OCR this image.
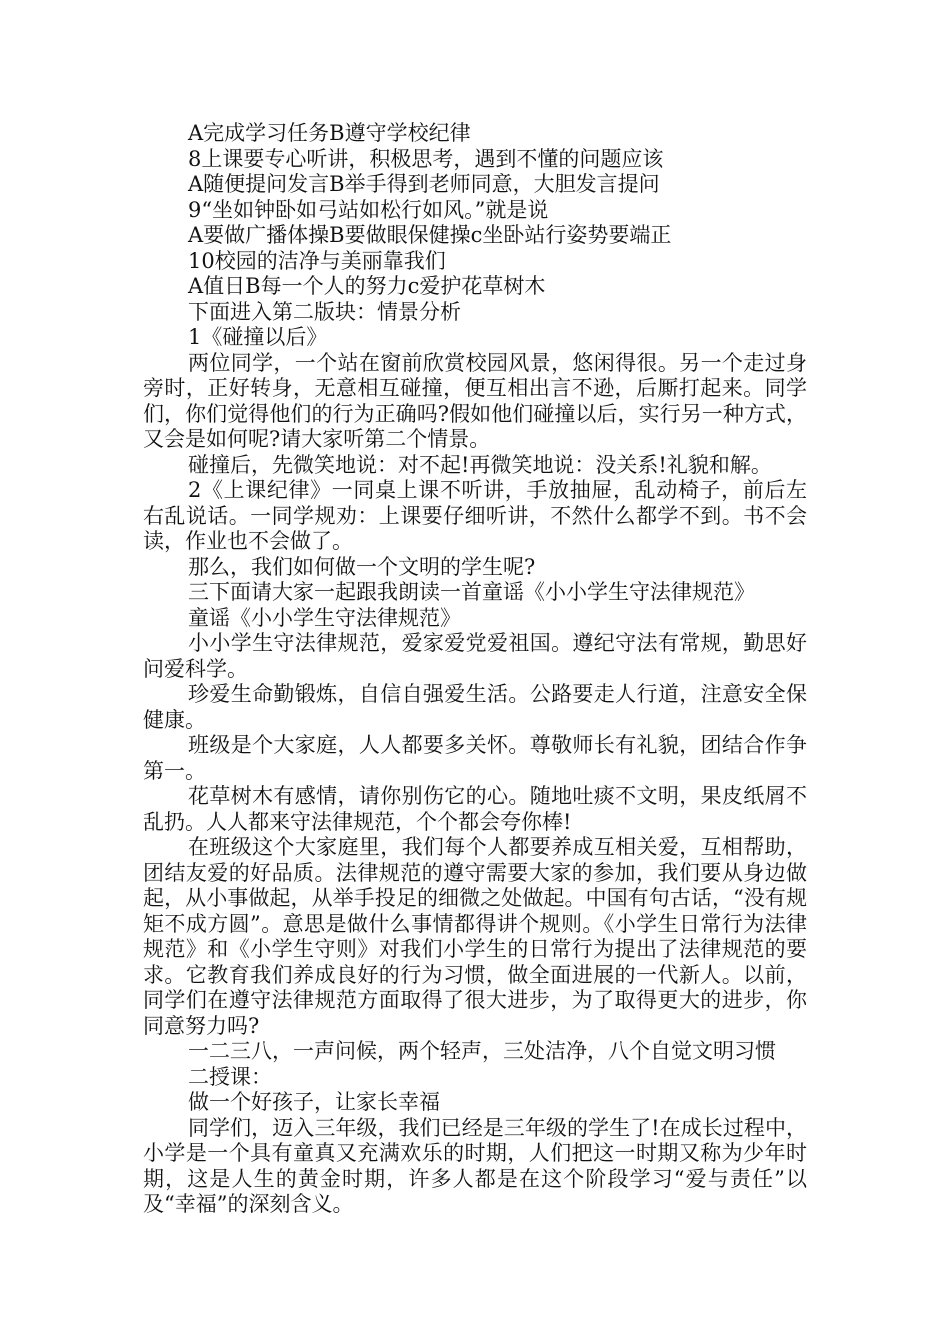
A完成学习任务B遵守学校纪律

8上课要专心听讲，积极思考，遇到不懂的问题应该

A随便提问发言B举手得到老师同意，大胆发言提问

9“坐如钟卧如弓站如松行如风。”就是说

A要做广播体操B要做眼保健操c坐卧站行姿势要端正

10校园的洁净与美丽靠我们

A值日B每一个人的努力c爱护花草树木

下面进入第二版块：情景分析

1《碰撞以后》

两位同学，一个站在窗前欣赏校园风景，悠闲得很。另一个走过身旁时，正好转身，无意相互碰撞，便互相出言不逊，后厮打起来。同学们，你们觉得他们的行为正确吗?假如他们碰撞以后，实行另一种方式，又会是如何呢?请大家听第二个情景。

碰撞后，先微笑地说：对不起!再微笑地说：没关系!礼貌和解。

2《上课纪律》一同桌上课不听讲，手放抽屉，乱动椅子，前后左右乱说话。一同学规劝：上课要仔细听讲，不然什么都学不到。书不会读，作业也不会做了。

那么，我们如何做一个文明的学生呢?

三下面请大家一起跟我朗读一首童谣《小小学生守法律规范》

童谣《小小学生守法律规范》

小小学生守法律规范，爱家爱党爱祖国。遵纪守法有常规，勤思好问爱科学。

珍爱生命勤锻炼，自信自强爱生活。公路要走人行道，注意安全保健康。

班级是个大家庭，人人都要多关怀。尊敬师长有礼貌，团结合作争第一。

花草树木有感情，请你别伤它的心。随地吐痰不文明，果皮纸屑不乱扔。人人都来守法律规范，个个都会夸你棒!

在班级这个大家庭里，我们每个人都要养成互相关爱，互相帮助，团结友爱的好品质。法律规范的遵守需要大家的参加，我们要从身边做起，从小事做起，从举手投足的细微之处做起。中国有句古话，“没有规矩不成方圆”。意思是做什么事情都得讲个规则。《小学生日常行为法律规范》和《小学生守则》对我们小学生的日常行为提出了法律规范的要求。它教育我们养成良好的行为习惯，做全面进展的一代新人。以前，同学们在遵守法律规范方面取得了很大进步，为了取得更大的进步，你同意努力吗?

一二三八，一声问候，两个轻声，三处洁净，八个自觉文明习惯

二授课：

做一个好孩子，让家长幸福

同学们，迈入三年级，我们已经是三年级的学生了!在成长过程中，小学是一个具有童真又充满欢乐的时期，人们把这一时期又称为少年时期，这是人生的黄金时期，许多人都是在这个阶段学习“爱与责任”以及“幸福”的深刻含义。
